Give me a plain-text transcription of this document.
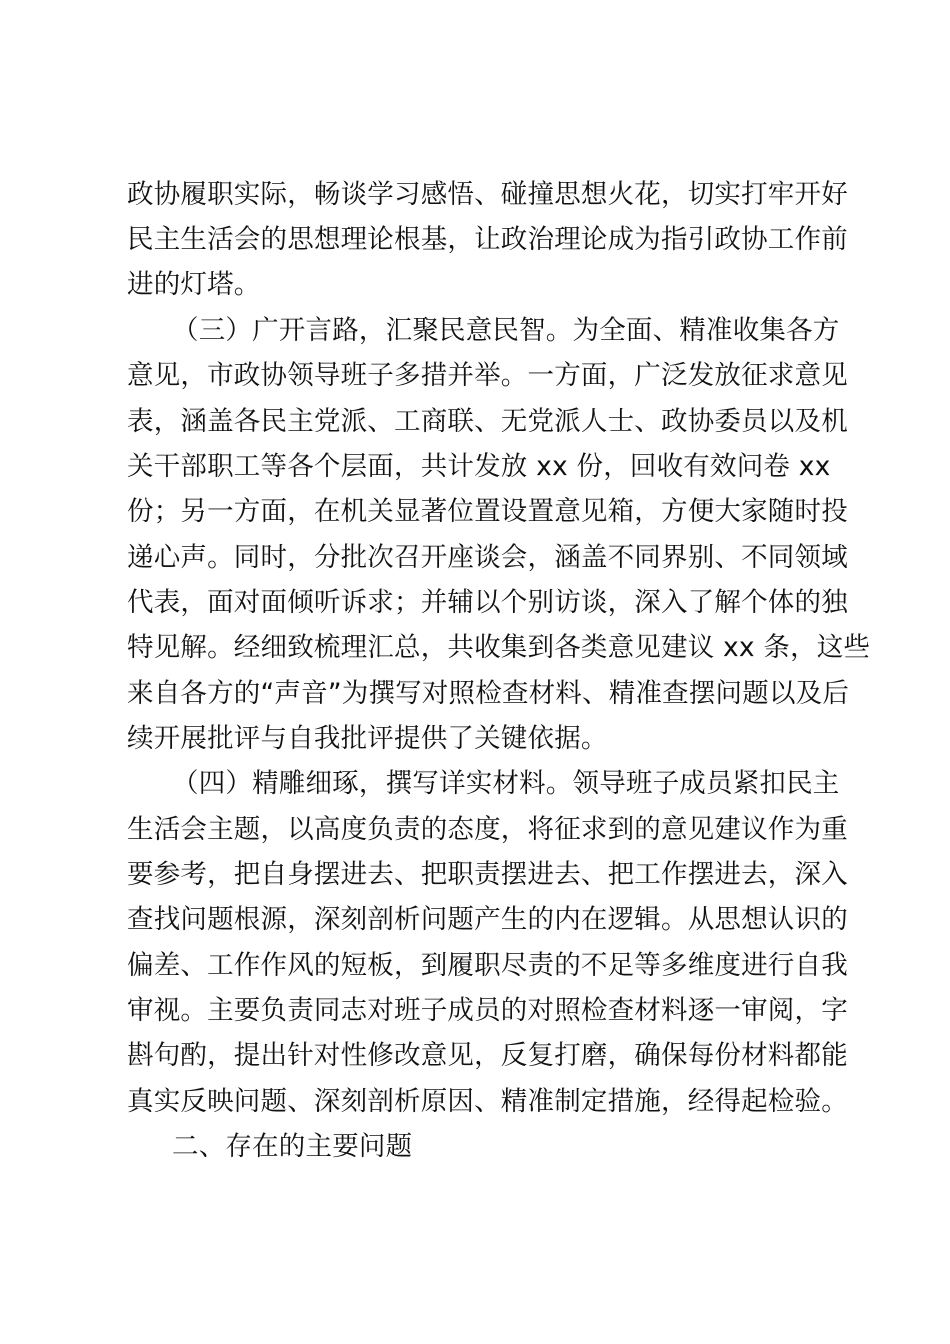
政协履职实际，畅谈学习感悟、碰撞思想火花，切实打牢开好
民主生活会的思想理论根基，让政治理论成为指引政协工作前
进的灯塔。
（三）广开言路，汇聚民意民智。为全面、精准收集各方
意见，市政协领导班子多措并举。一方面，广泛发放征求意见
表，涵盖各民主党派、工商联、无党派人士、政协委员以及机
关干部职工等各个层面，共计发放 xx 份，回收有效问卷 xx
份；另一方面，在机关显著位置设置意见箱，方便大家随时投
递心声。同时，分批次召开座谈会，涵盖不同界别、不同领域
代表，面对面倾听诉求；并辅以个别访谈，深入了解个体的独
特见解。经细致梳理汇总，共收集到各类意见建议 xx 条，这些
来自各方的“声音”为撰写对照检查材料、精准查摆问题以及后
续开展批评与自我批评提供了关键依据。
（四）精雕细琢，撰写详实材料。领导班子成员紧扣民主
生活会主题，以高度负责的态度，将征求到的意见建议作为重
要参考，把自身摆进去、把职责摆进去、把工作摆进去，深入
查找问题根源，深刻剖析问题产生的内在逻辑。从思想认识的
偏差、工作作风的短板，到履职尽责的不足等多维度进行自我
审视。主要负责同志对班子成员的对照检查材料逐一审阅，字
斟句酌，提出针对性修改意见，反复打磨，确保每份材料都能
真实反映问题、深刻剖析原因、精准制定措施，经得起检验。
二、存在的主要问题
